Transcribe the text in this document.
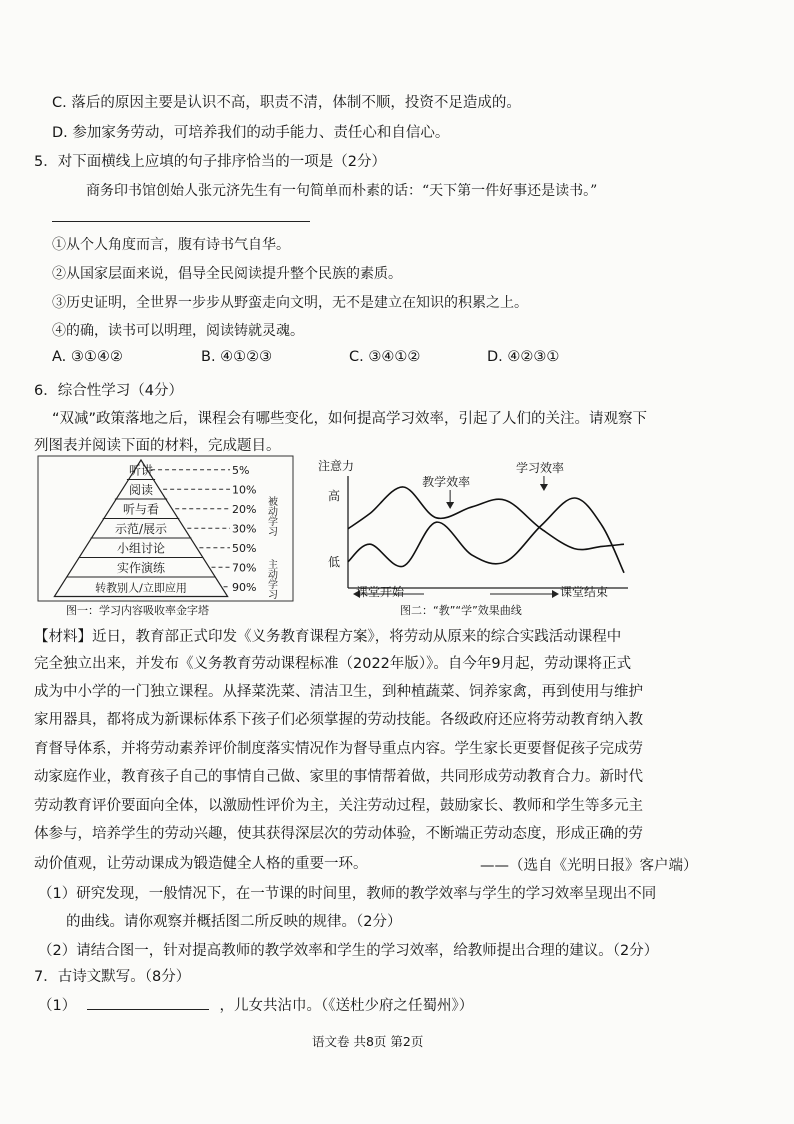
C. 落后的原因主要是认识不高，职责不清，体制不顺，投资不足造成的。
D. 参加家务劳动，可培养我们的动手能力、责任心和自信心。
5．对下面横线上应填的句子排序恰当的一项是（2分）
商务印书馆创始人张元济先生有一句简单而朴素的话：“天下第一件好事还是读书。”
①从个人角度而言，腹有诗书气自华。
②从国家层面来说，倡导全民阅读提升整个民族的素质。
③历史证明，全世界一步步从野蛮走向文明，无不是建立在知识的积累之上。
④的确，读书可以明理，阅读铸就灵魂。
A. ③①④②	B. ④①②③	C. ③④①②	D. ④②③①
6．综合性学习（4分）
“双减”政策落地之后，课程会有哪些变化，如何提高学习效率，引起了人们的关注。请观察下
列图表并阅读下面的材料，完成题目。
听讲	5%
阅读	10%
听与看	20%
示范/展示	30%
小组讨论	50%
实作演练	70%
转教别人/立即应用	90%
被动学习
主动学习
图一：学习内容吸收率金字塔
注意力
高
低
教学效率
学习效率
课堂开始	课堂结束
图二：“教”“学”效果曲线
【材料】近日，教育部正式印发《义务教育课程方案》，将劳动从原来的综合实践活动课程中
完全独立出来，并发布《义务教育劳动课程标准（2022年版）》。自今年9月起，劳动课将正式
成为中小学的一门独立课程。从择菜洗菜、清洁卫生，到种植蔬菜、饲养家禽，再到使用与维护
家用器具，都将成为新课标体系下孩子们必须掌握的劳动技能。各级政府还应将劳动教育纳入教
育督导体系，并将劳动素养评价制度落实情况作为督导重点内容。学生家长更要督促孩子完成劳
动家庭作业，教育孩子自己的事情自己做、家里的事情帮着做，共同形成劳动教育合力。新时代
劳动教育评价要面向全体，以激励性评价为主，关注劳动过程，鼓励家长、教师和学生等多元主
体参与，培养学生的劳动兴趣，使其获得深层次的劳动体验，不断端正劳动态度，形成正确的劳
动价值观，让劳动课成为锻造健全人格的重要一环。	——（选自《光明日报》客户端）
（1）研究发现，一般情况下，在一节课的时间里，教师的教学效率与学生的学习效率呈现出不同
的曲线。请你观察并概括图二所反映的规律。（2分）
（2）请结合图一，针对提高教师的教学效率和学生的学习效率，给教师提出合理的建议。（2分）
7．古诗文默写。（8分）
（1）	，儿女共沾巾。（《送杜少府之任蜀州》）
语文卷 共8页 第2页
